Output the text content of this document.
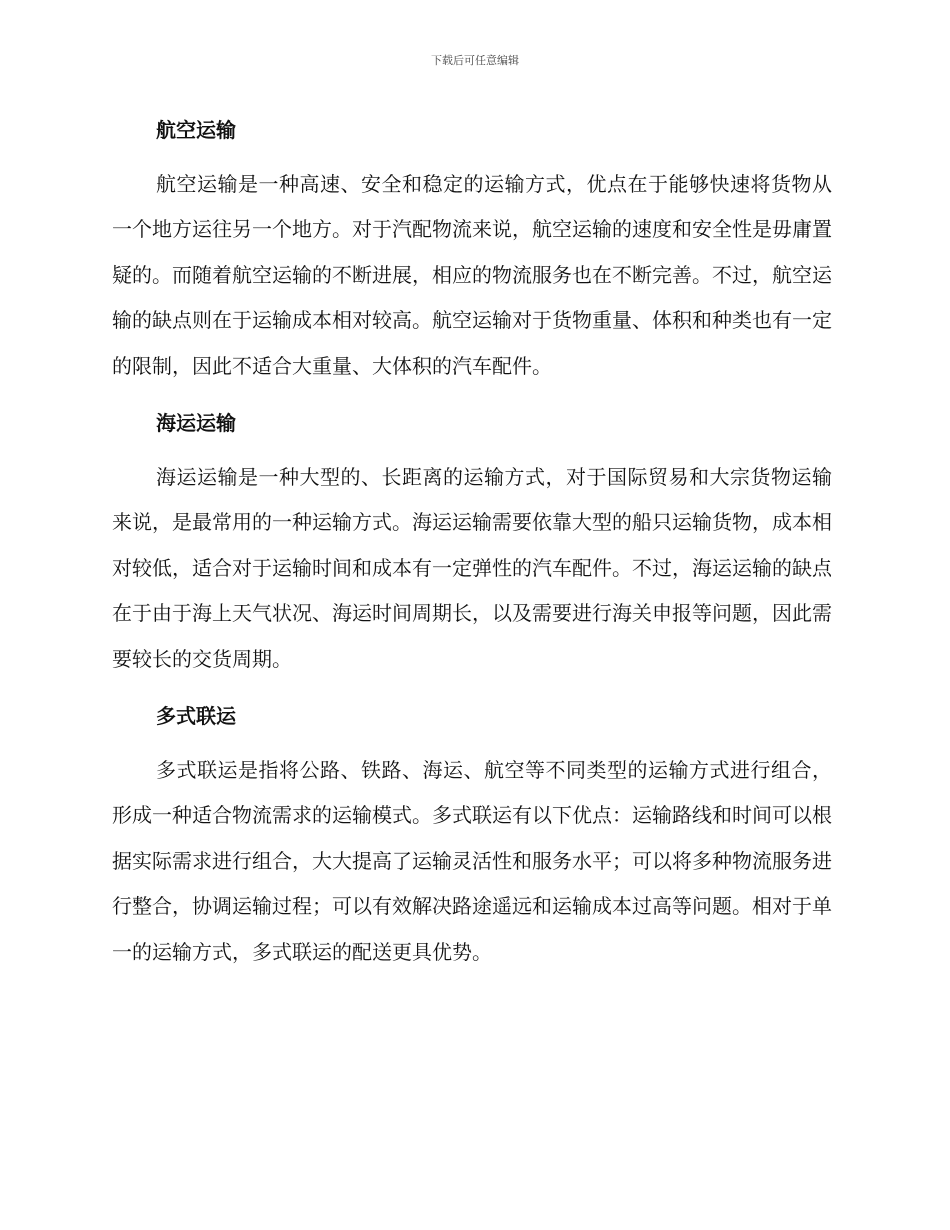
下载后可任意编辑
航空运输

航空运输是一种高速、安全和稳定的运输方式，优点在于能够快速将货物从一个地方运往另一个地方。对于汽配物流来说，航空运输的速度和安全性是毋庸置疑的。而随着航空运输的不断进展，相应的物流服务也在不断完善。不过，航空运输的缺点则在于运输成本相对较高。航空运输对于货物重量、体积和种类也有一定的限制，因此不适合大重量、大体积的汽车配件。

海运运输

海运运输是一种大型的、长距离的运输方式，对于国际贸易和大宗货物运输来说，是最常用的一种运输方式。海运运输需要依靠大型的船只运输货物，成本相对较低，适合对于运输时间和成本有一定弹性的汽车配件。不过，海运运输的缺点在于由于海上天气状况、海运时间周期长，以及需要进行海关申报等问题，因此需要较长的交货周期。

多式联运

多式联运是指将公路、铁路、海运、航空等不同类型的运输方式进行组合，形成一种适合物流需求的运输模式。多式联运有以下优点：运输路线和时间可以根据实际需求进行组合，大大提高了运输灵活性和服务水平；可以将多种物流服务进行整合，协调运输过程；可以有效解决路途遥远和运输成本过高等问题。相对于单一的运输方式，多式联运的配送更具优势。
